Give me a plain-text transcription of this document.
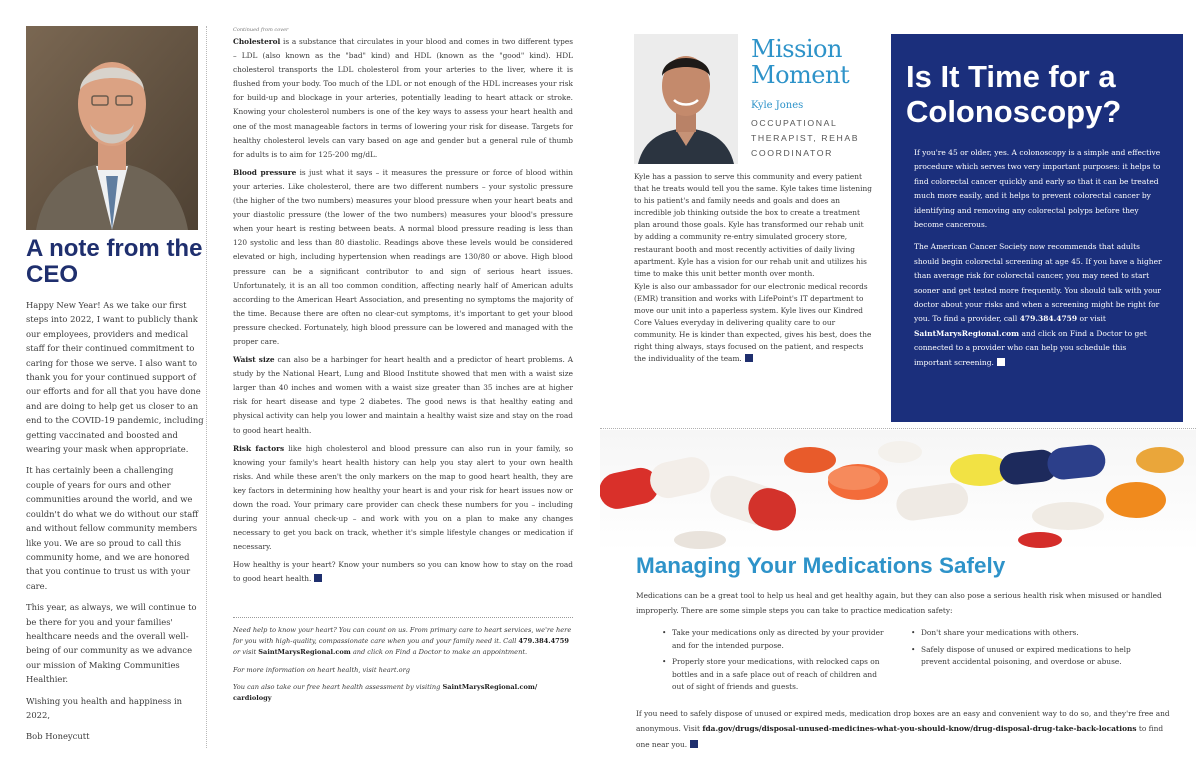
A note from the CEO

Happy New Year! As we take our first steps into 2022, I want to publicly thank our employees, providers and medical staff for their continued commitment to caring for those we serve. I also want to thank you for your continued support of our efforts and for all that you have done and are doing to help get us closer to an end to the COVID-19 pandemic, including getting vaccinated and boosted and wearing your mask when appropriate.

It has certainly been a challenging couple of years for ours and other communities around the world, and we couldn't do what we do without our staff and without fellow community members like you. We are so proud to call this community home, and we are honored that you continue to trust us with your care.

This year, as always, we will continue to be there for you and your families' healthcare needs and the overall well-being of our community as we advance our mission of Making Communities Healthier.

Wishing you health and happiness in 2022,

Bob Honeycutt

Continued from cover

Cholesterol is a substance that circulates in your blood and comes in two different types – LDL (also known as the "bad" kind) and HDL (known as the "good" kind). HDL cholesterol transports the LDL cholesterol from your arteries to the liver, where it is flushed from your body. Too much of the LDL or not enough of the HDL increases your risk for build-up and blockage in your arteries, potentially leading to heart attack or stroke. Knowing your cholesterol numbers is one of the key ways to assess your heart health and one of the most manageable factors in terms of lowering your risk for disease. Targets for healthy cholesterol levels can vary based on age and gender but a general rule of thumb for adults is to aim for 125-200 mg/dL.

Blood pressure is just what it says – it measures the pressure or force of blood within your arteries. Like cholesterol, there are two different numbers – your systolic pressure (the higher of the two numbers) measures your blood pressure when your heart beats and your diastolic pressure (the lower of the two numbers) measures your blood's pressure when your heart is resting between beats. A normal blood pressure reading is less than 120 systolic and less than 80 diastolic. Readings above these levels would be considered elevated or high, including hypertension when readings are 130/80 or above. High blood pressure can be a significant contributor to and sign of serious heart issues. Unfortunately, it is an all too common condition, affecting nearly half of American adults according to the American Heart Association, and presenting no symptoms the majority of the time. Because there are often no clear-cut symptoms, it's important to get your blood pressure checked. Fortunately, high blood pressure can be lowered and managed with the proper care.

Waist size can also be a harbinger for heart health and a predictor of heart problems. A study by the National Heart, Lung and Blood Institute showed that men with a waist size larger than 40 inches and women with a waist size greater than 35 inches are at higher risk for heart disease and type 2 diabetes. The good news is that healthy eating and physical activity can help you lower and maintain a healthy waist size and stay on the road to good heart health.

Risk factors like high cholesterol and blood pressure can also run in your family, so knowing your family's heart health history can help you stay alert to your own health risks. And while these aren't the only markers on the map to good heart health, they are key factors in determining how healthy your heart is and your risk for heart issues now or down the road. Your primary care provider can check these numbers for you – including during your annual check-up – and work with you on a plan to make any changes necessary to get you back on track, whether it's simple lifestyle changes or medication if necessary.

How healthy is your heart? Know your numbers so you can know how to stay on the road to good heart health.

Need help to know your heart? You can count on us. From primary care to heart services, we're here for you with high-quality, compassionate care when you and your family need it. Call 479.384.4759 or visit SaintMarysRegional.com and click on Find a Doctor to make an appointment.

For more information on heart health, visit heart.org

You can also take our free heart health assessment by visiting SaintMarysRegional.com/ cardiology

Mission Moment
Kyle Jones
OCCUPATIONAL THERAPIST, REHAB COORDINATOR

Kyle has a passion to serve this community and every patient that he treats would tell you the same. Kyle takes time listening to his patient's and family needs and goals and does an incredible job thinking outside the box to create a treatment plan around those goals. Kyle has transformed our rehab unit by adding a community re-entry simulated grocery store, restaurant booth and most recently activities of daily living apartment. Kyle has a vision for our rehab unit and utilizes his time to make this unit better month over month.

Kyle is also our ambassador for our electronic medical records (EMR) transition and works with LifePoint's IT department to move our unit into a paperless system. Kyle lives our Kindred Core Values everyday in delivering quality care to our community. He is kinder than expected, gives his best, does the right thing always, stays focused on the patient, and respects the individuality of the team.

Is It Time for a Colonoscopy?

If you're 45 or older, yes. A colonoscopy is a simple and effective procedure which serves two very important purposes: it helps to find colorectal cancer quickly and early so that it can be treated much more easily, and it helps to prevent colorectal cancer by identifying and removing any colorectal polyps before they become cancerous.

The American Cancer Society now recommends that adults should begin colorectal screening at age 45. If you have a higher than average risk for colorectal cancer, you may need to start sooner and get tested more frequently. You should talk with your doctor about your risks and when a screening might be right for you. To find a provider, call 479.384.4759 or visit SaintMarysRegional.com and click on Find a Doctor to get connected to a provider who can help you schedule this important screening.

Managing Your Medications Safely
Medications can be a great tool to help us heal and get healthy again, but they can also pose a serious health risk when misused or handled improperly. There are some simple steps you can take to practice medication safety:
• Take your medications only as directed by your provider and for the intended purpose.
• Properly store your medications, with relocked caps on bottles and in a safe place out of reach of children and out of sight of friends and guests.
• Don't share your medications with others.
• Safely dispose of unused or expired medications to help prevent accidental poisoning, and overdose or abuse.
If you need to safely dispose of unused or expired meds, medication drop boxes are an easy and convenient way to do so, and they're free and anonymous. Visit fda.gov/drugs/disposal-unused-medicines-what-you-should-know/drug-disposal-drug-take-back-locations to find one near you.
